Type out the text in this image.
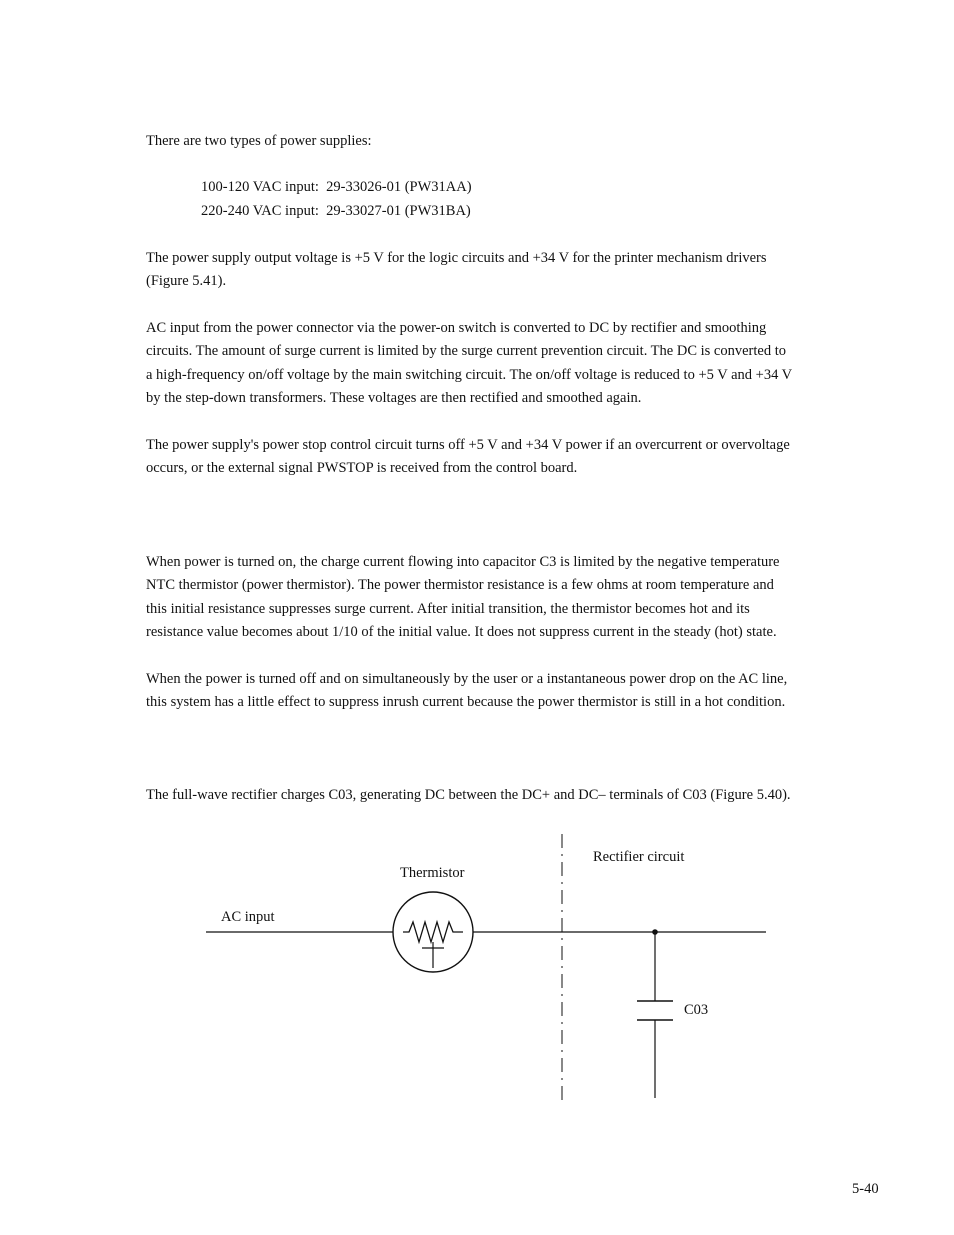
There are two types of power supplies:

100-120 VAC input: 29-33026-01 (PW31AA)
220-240 VAC input: 29-33027-01 (PW31BA)

The power supply output voltage is +5 V for the logic circuits and +34 V for the printer mechanism drivers
(Figure 5.41).

AC input from the power connector via the power-on switch is converted to DC by rectifier and smoothing
circuits. The amount of surge current is limited by the surge current prevention circuit. The DC is converted to
a high-frequency on/off voltage by the main switching circuit. The on/off voltage is reduced to +5 V and +34 V
by the step-down transformers. These voltages are then rectified and smoothed again.

The power supply's power stop control circuit turns off +5 V and +34 V power if an overcurrent or overvoltage
occurs, or the external signal PWSTOP is received from the control board.

When power is turned on, the charge current flowing into capacitor C3 is limited by the negative temperature
NTC thermistor (power thermistor). The power thermistor resistance is a few ohms at room temperature and
this initial resistance suppresses surge current. After initial transition, the thermistor becomes hot and its
resistance value becomes about 1/10 of the initial value. It does not suppress current in the steady (hot) state.

When the power is turned off and on simultaneously by the user or a instantaneous power drop on the AC line,
this system has a little effect to suppress inrush current because the power thermistor is still in a hot condition.

The full-wave rectifier charges C03, generating DC between the DC+ and DC– terminals of C03 (Figure 5.40).

Rectifier circuit
Thermistor
AC input
C03
5-40
